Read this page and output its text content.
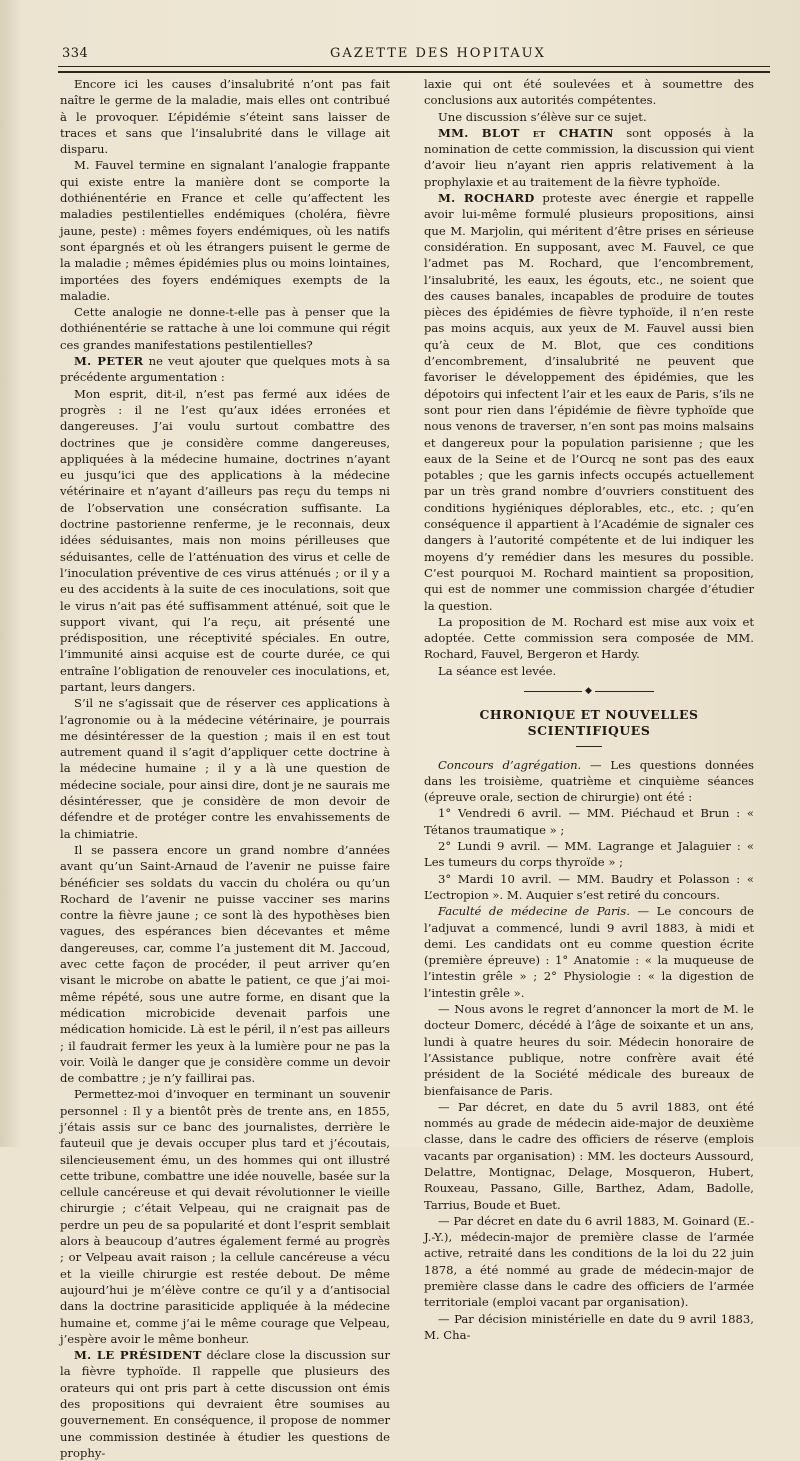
334	GAZETTE DES HOPITAUX

Encore ici les causes d’insalubrité n’ont pas fait naître le germe de la maladie, mais elles ont contribué à le provoquer. L’épidémie s’éteint sans laisser de traces et sans que l’insalubrité dans le village ait disparu.

M. Fauvel termine en signalant l’analogie frappante qui existe entre la manière dont se comporte la dothiénentérie en France et celle qu’affectent les maladies pestilentielles endémiques (choléra, fièvre jaune, peste) : mêmes foyers endémiques, où les natifs sont épargnés et où les étrangers puisent le germe de la maladie ; mêmes épidémies plus ou moins lointaines, importées des foyers endémiques exempts de la maladie.

Cette analogie ne donne-t-elle pas à penser que la dothiénentérie se rattache à une loi commune qui régit ces grandes manifestations pestilentielles?

M. PETER ne veut ajouter que quelques mots à sa précédente argumentation :

Mon esprit, dit-il, n’est pas fermé aux idées de progrès : il ne l’est qu’aux idées erronées et dangereuses. J’ai voulu surtout combattre des doctrines que je considère comme dangereuses, appliquées à la médecine humaine, doctrines n’ayant eu jusqu’ici que des applications à la médecine vétérinaire et n’ayant d’ailleurs pas reçu du temps ni de l’observation une consécration suffisante. La doctrine pastorienne renferme, je le reconnais, deux idées séduisantes, mais non moins périlleuses que séduisantes, celle de l’atténuation des virus et celle de l’inoculation préventive de ces virus atténués ; or il y a eu des accidents à la suite de ces inoculations, soit que le virus n’ait pas été suffisamment atténué, soit que le support vivant, qui l’a reçu, ait présenté une prédisposition, une réceptivité spéciales. En outre, l’immunité ainsi acquise est de courte durée, ce qui entraîne l’obligation de renouveler ces inoculations, et, partant, leurs dangers.

S’il ne s’agissait que de réserver ces applications à l’agronomie ou à la médecine vétérinaire, je pourrais me désintéresser de la question ; mais il en est tout autrement quand il s’agit d’appliquer cette doctrine à la médecine humaine ; il y a là une question de médecine sociale, pour ainsi dire, dont je ne saurais me désintéresser, que je considère de mon devoir de défendre et de protéger contre les envahissements de la chimiatrie.

Il se passera encore un grand nombre d’années avant qu’un Saint-Arnaud de l’avenir ne puisse faire bénéficier ses soldats du vaccin du choléra ou qu’un Rochard de l’avenir ne puisse vacciner ses marins contre la fièvre jaune ; ce sont là des hypothèses bien vagues, des espérances bien décevantes et même dangereuses, car, comme l’a justement dit M. Jaccoud, avec cette façon de procéder, il peut arriver qu’en visant le microbe on abatte le patient, ce que j’ai moi-même répété, sous une autre forme, en disant que la médication microbicide devenait parfois une médication homicide. Là est le péril, il n’est pas ailleurs ; il faudrait fermer les yeux à la lumière pour ne pas la voir. Voilà le danger que je considère comme un devoir de combattre ; je n’y faillirai pas.

Permettez-moi d’invoquer en terminant un souvenir personnel : Il y a bientôt près de trente ans, en 1855, j’étais assis sur ce banc des journalistes, derrière le fauteuil que je devais occuper plus tard et j’écoutais, silencieusement ému, un des hommes qui ont illustré cette tribune, combattre une idée nouvelle, basée sur la cellule cancéreuse et qui devait révolutionner le vieille chirurgie ; c’était Velpeau, qui ne craignait pas de perdre un peu de sa popularité et dont l’esprit semblait alors à beaucoup d’autres également fermé au progrès ; or Velpeau avait raison ; la cellule cancéreuse a vécu et la vieille chirurgie est restée debout. De même aujourd’hui je m’élève contre ce qu’il y a d’antisocial dans la doctrine parasiticide appliquée à la médecine humaine et, comme j’ai le même courage que Velpeau, j’espère avoir le même bonheur.

M. LE PRÉSIDENT déclare close la discussion sur la fièvre typhoïde. Il rappelle que plusieurs des orateurs qui ont pris part à cette discussion ont émis des propositions qui devraient être soumises au gouvernement. En conséquence, il propose de nommer une commission destinée à étudier les questions de prophy-

laxie qui ont été soulevées et à soumettre des conclusions aux autorités compétentes.

Une discussion s’élève sur ce sujet.

MM. BLOT et CHATIN sont opposés à la nomination de cette commission, la discussion qui vient d’avoir lieu n’ayant rien appris relativement à la prophylaxie et au traitement de la fièvre typhoïde.

M. ROCHARD proteste avec énergie et rappelle avoir lui-même formulé plusieurs propositions, ainsi que M. Marjolin, qui méritent d’être prises en sérieuse considération. En supposant, avec M. Fauvel, ce que l’admet pas M. Rochard, que l’encombrement, l’insalubrité, les eaux, les égouts, etc., ne soient que des causes banales, incapables de produire de toutes pièces des épidémies de fièvre typhoïde, il n’en reste pas moins acquis, aux yeux de M. Fauvel aussi bien qu’à ceux de M. Blot, que ces conditions d’encombrement, d’insalubrité ne peuvent que favoriser le développement des épidémies, que les dépotoirs qui infectent l’air et les eaux de Paris, s’ils ne sont pour rien dans l’épidémie de fièvre typhoïde que nous venons de traverser, n’en sont pas moins malsains et dangereux pour la population parisienne ; que les eaux de la Seine et de l’Ourcq ne sont pas des eaux potables ; que les garnis infects occupés actuellement par un très grand nombre d’ouvriers constituent des conditions hygiéniques déplorables, etc., etc. ; qu’en conséquence il appartient à l’Académie de signaler ces dangers à l’autorité compétente et de lui indiquer les moyens d’y remédier dans les mesures du possible. C’est pourquoi M. Rochard maintient sa proposition, qui est de nommer une commission chargée d’étudier la question.

La proposition de M. Rochard est mise aux voix et adoptée. Cette commission sera composée de MM. Rochard, Fauvel, Bergeron et Hardy.

La séance est levée.

◆
CHRONIQUE ET NOUVELLES SCIENTIFIQUES

Concours d’agrégation. — Les questions données dans les troisième, quatrième et cinquième séances (épreuve orale, section de chirurgie) ont été :

1° Vendredi 6 avril. — MM. Piéchaud et Brun : « Tétanos traumatique » ;

2° Lundi 9 avril. — MM. Lagrange et Jalaguier : « Les tumeurs du corps thyroïde » ;

3° Mardi 10 avril. — MM. Baudry et Polasson : « L’ectropion ». M. Auquier s’est retiré du concours.

Faculté de médecine de Paris. — Le concours de l’adjuvat a commencé, lundi 9 avril 1883, à midi et demi. Les candidats ont eu comme question écrite (première épreuve) : 1° Anatomie : « la muqueuse de l’intestin grêle » ; 2° Physiologie : « la digestion de l’intestin grêle ».

— Nous avons le regret d’annoncer la mort de M. le docteur Domerc, décédé à l’âge de soixante et un ans, lundi à quatre heures du soir. Médecin honoraire de l’Assistance publique, notre confrère avait été président de la Société médicale des bureaux de bienfaisance de Paris.

— Par décret, en date du 5 avril 1883, ont été nommés au grade de médecin aide-major de deuxième classe, dans le cadre des officiers de réserve (emplois vacants par organisation) : MM. les docteurs Aussourd, Delattre, Montignac, Delage, Mosqueron, Hubert, Rouxeau, Passano, Gille, Barthez, Adam, Badolle, Tarrius, Boude et Buet.

— Par décret en date du 6 avril 1883, M. Goinard (E.-J.-Y.), médecin-major de première classe de l’armée active, retraité dans les conditions de la loi du 22 juin 1878, a été nommé au grade de médecin-major de première classe dans le cadre des officiers de l’armée territoriale (emploi vacant par organisation).

— Par décision ministérielle en date du 9 avril 1883, M. Cha-
